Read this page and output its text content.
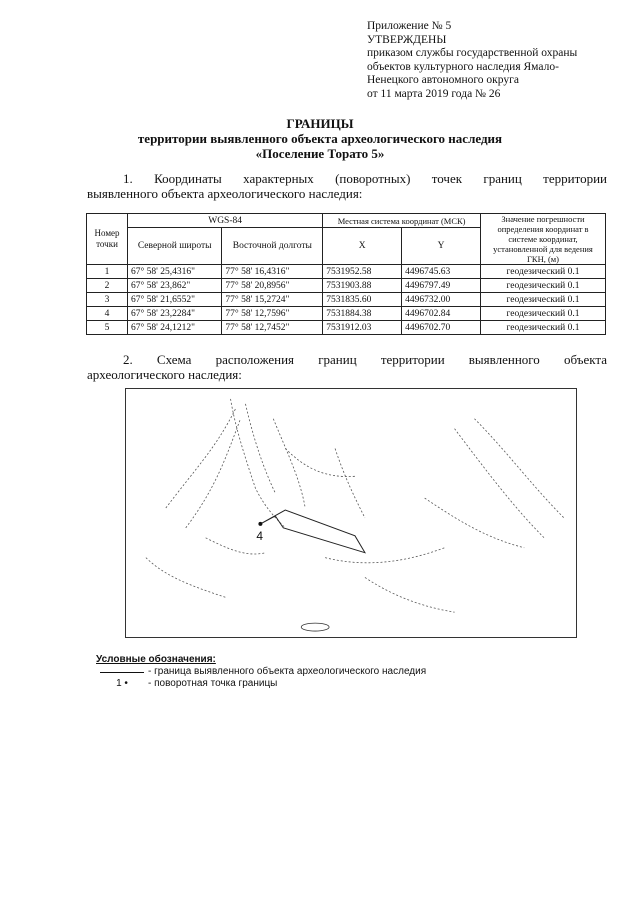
Приложение № 5
УТВЕРЖДЕНЫ
приказом службы государственной охраны
объектов культурного наследия Ямало-
Ненецкого автономного округа
от 11 марта 2019 года № 26
ГРАНИЦЫ
территории выявленного объекта археологического наследия
«Поселение Торато 5»
1. Координаты характерных (поворотных) точек границ территории
выявленного объекта археологического наследия:
Номер точки	WGS-84		Местная система координат (МСК)		Значение погрешности определения координат в системе координат, установленной для ведения ГКН, (м)
	Северной широты	Восточной долготы	X	Y	

1	67° 58' 25,4316"	77° 58' 16,4316"	7531952.58	4496745.63	геодезический 0.1
2	67° 58' 23,862"	77° 58' 20,8956"	7531903.88	4496797.49	геодезический 0.1
3	67° 58' 21,6552"	77° 58' 15,2724"	7531835.60	4496732.00	геодезический 0.1
4	67° 58' 23,2284"	77° 58' 12,7596"	7531884.38	4496702.84	геодезический 0.1
5	67° 58' 24,1212"	77° 58' 12,7452"	7531912.03	4496702.70	геодезический 0.1
2. Схема расположения границ территории выявленного объекта
археологического наследия:
4
Условные обозначения:
- граница выявленного объекта археологического наследия
1 •	- поворотная точка границы
